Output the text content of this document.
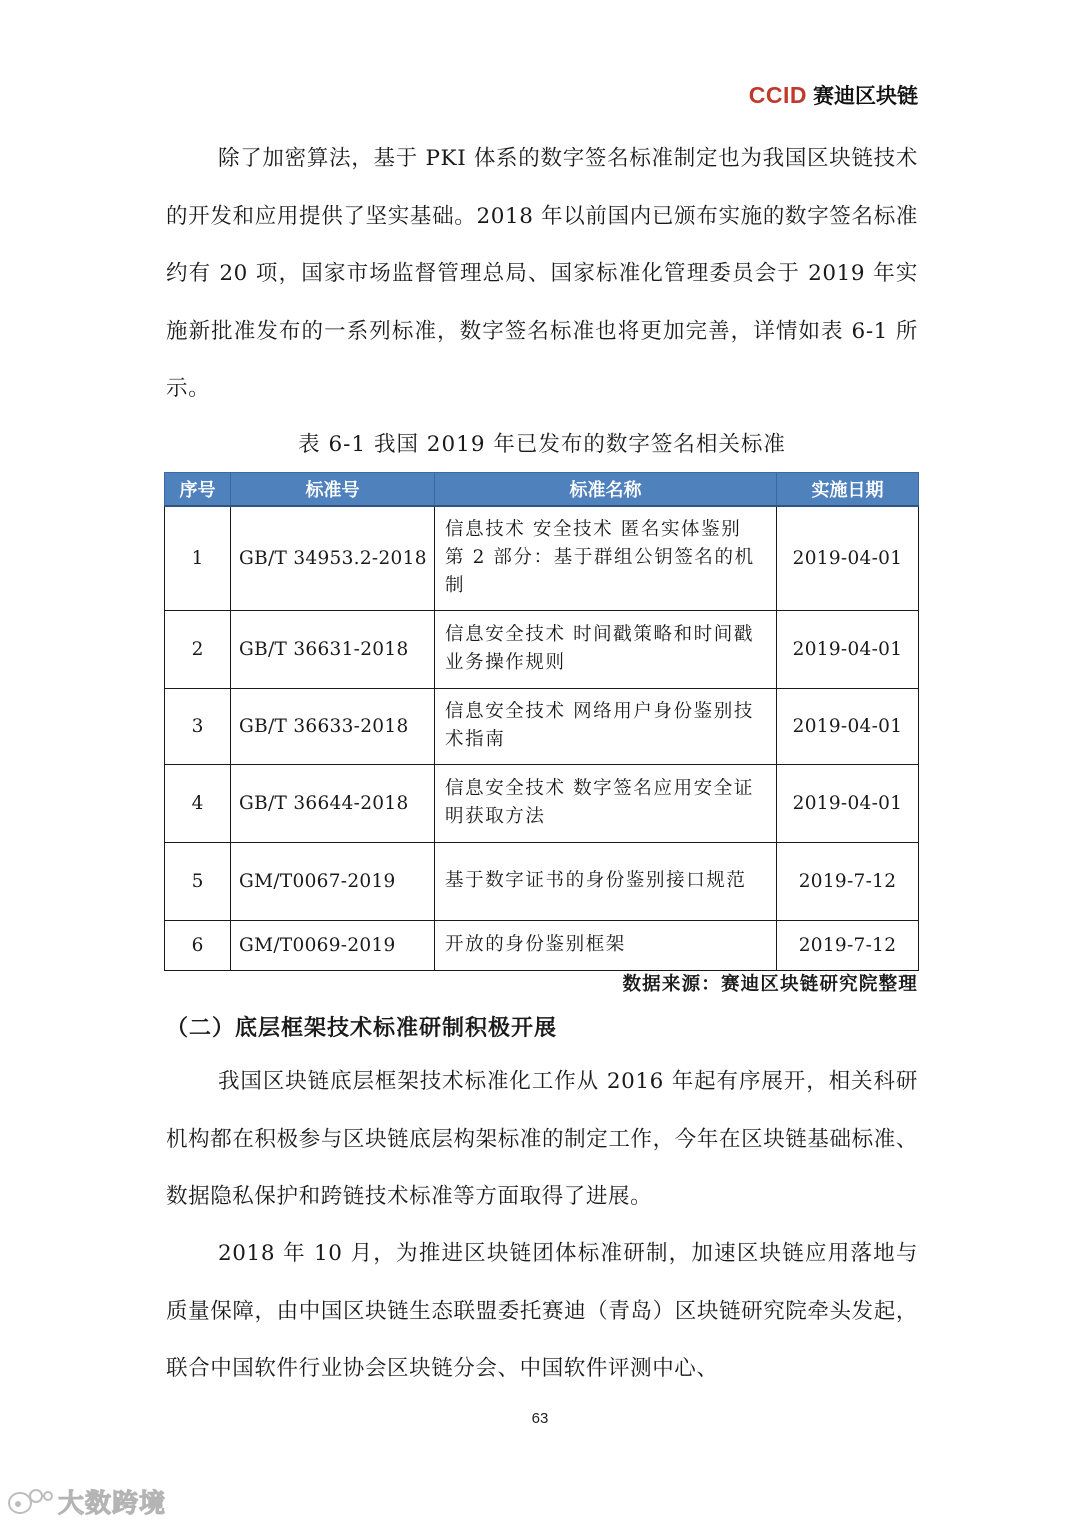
CCID 赛迪区块链

除了加密算法，基于 PKI 体系的数字签名标准制定也为我国区块链技术的开发和应用提供了坚实基础。2018 年以前国内已颁布实施的数字签名标准约有 20 项，国家市场监督管理总局、国家标准化管理委员会于 2019 年实施新批准发布的一系列标准，数字签名标准也将更加完善，详情如表 6-1 所示。

表 6-1 我国 2019 年已发布的数字签名相关标准
序号	标准号	标准名称	实施日期
1	GB/T 34953.2-2018	信息技术 安全技术 匿名实体鉴别 第 2 部分：基于群组公钥签名的机制	2019-04-01
2	GB/T 36631-2018	信息安全技术 时间戳策略和时间戳业务操作规则	2019-04-01
3	GB/T 36633-2018	信息安全技术 网络用户身份鉴别技术指南	2019-04-01
4	GB/T 36644-2018	信息安全技术 数字签名应用安全证明获取方法	2019-04-01
5	GM/T0067-2019	基于数字证书的身份鉴别接口规范	2019-7-12
6	GM/T0069-2019	开放的身份鉴别框架	2019-7-12
数据来源：赛迪区块链研究院整理
（二）底层框架技术标准研制积极开展

我国区块链底层框架技术标准化工作从 2016 年起有序展开，相关科研机构都在积极参与区块链底层构架标准的制定工作，今年在区块链基础标准、数据隐私保护和跨链技术标准等方面取得了进展。

2018 年 10 月，为推进区块链团体标准研制，加速区块链应用落地与质量保障，由中国区块链生态联盟委托赛迪（青岛）区块链研究院牵头发起，联合中国软件行业协会区块链分会、中国软件评测中心、

63
大数跨境
